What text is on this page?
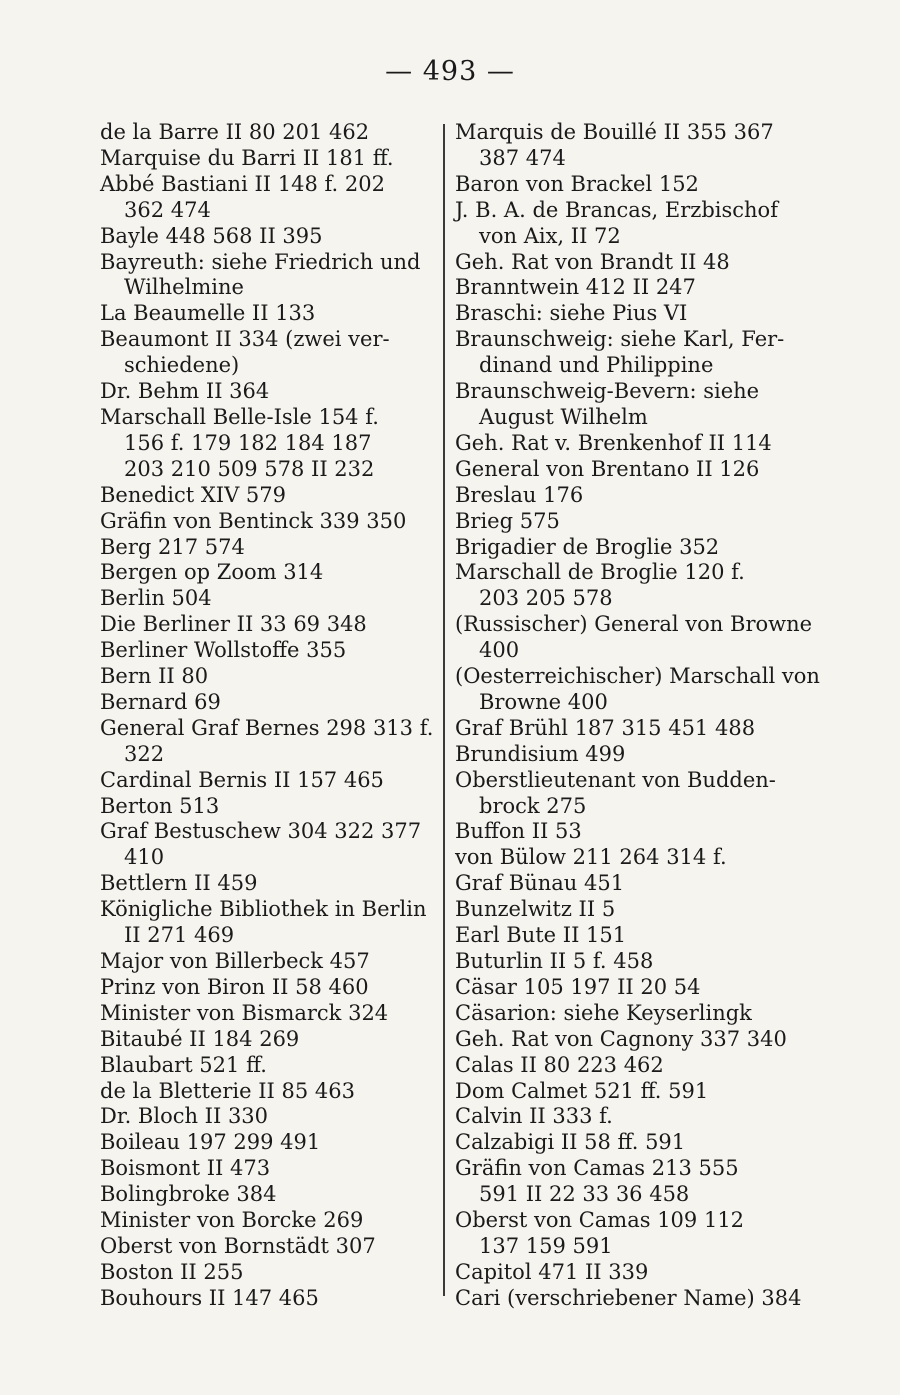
— 493 —
de la Barre II 80 201 462
Marquise du Barri II 181 ff.
Abbé Bastiani II 148 f. 202
362 474
Bayle 448 568 II 395
Bayreuth: siehe Friedrich und
Wilhelmine
La Beaumelle II 133
Beaumont II 334 (zwei ver-
schiedene)
Dr. Behm II 364
Marschall Belle-Isle 154 f.
156 f. 179 182 184 187
203 210 509 578 II 232
Benedict XIV 579
Gräfin von Bentinck 339 350
Berg 217 574
Bergen op Zoom 314
Berlin 504
Die Berliner II 33 69 348
Berliner Wollstoffe 355
Bern II 80
Bernard 69
General Graf Bernes 298 313 f.
322
Cardinal Bernis II 157 465
Berton 513
Graf Bestuschew 304 322 377
410
Bettlern II 459
Königliche Bibliothek in Berlin
II 271 469
Major von Billerbeck 457
Prinz von Biron II 58 460
Minister von Bismarck 324
Bitaubé II 184 269
Blaubart 521 ff.
de la Bletterie II 85 463
Dr. Bloch II 330
Boileau 197 299 491
Boismont II 473
Bolingbroke 384
Minister von Borcke 269
Oberst von Bornstädt 307
Boston II 255
Bouhours II 147 465
Marquis de Bouillé II 355 367
387 474
Baron von Brackel 152
J. B. A. de Brancas, Erzbischof
von Aix, II 72
Geh. Rat von Brandt II 48
Branntwein 412 II 247
Braschi: siehe Pius VI
Braunschweig: siehe Karl, Fer-
dinand und Philippine
Braunschweig-Bevern: siehe
August Wilhelm
Geh. Rat v. Brenkenhof II 114
General von Brentano II 126
Breslau 176
Brieg 575
Brigadier de Broglie 352
Marschall de Broglie 120 f.
203 205 578
(Russischer) General von Browne
400
(Oesterreichischer) Marschall von
Browne 400
Graf Brühl 187 315 451 488
Brundisium 499
Oberstlieutenant von Budden-
brock 275
Buffon II 53
von Bülow 211 264 314 f.
Graf Bünau 451
Bunzelwitz II 5
Earl Bute II 151
Buturlin II 5 f. 458
Cäsar 105 197 II 20 54
Cäsarion: siehe Keyserlingk
Geh. Rat von Cagnony 337 340
Calas II 80 223 462
Dom Calmet 521 ff. 591
Calvin II 333 f.
Calzabigi II 58 ff. 591
Gräfin von Camas 213 555
591 II 22 33 36 458
Oberst von Camas 109 112
137 159 591
Capitol 471 II 339
Cari (verschriebener Name) 384
